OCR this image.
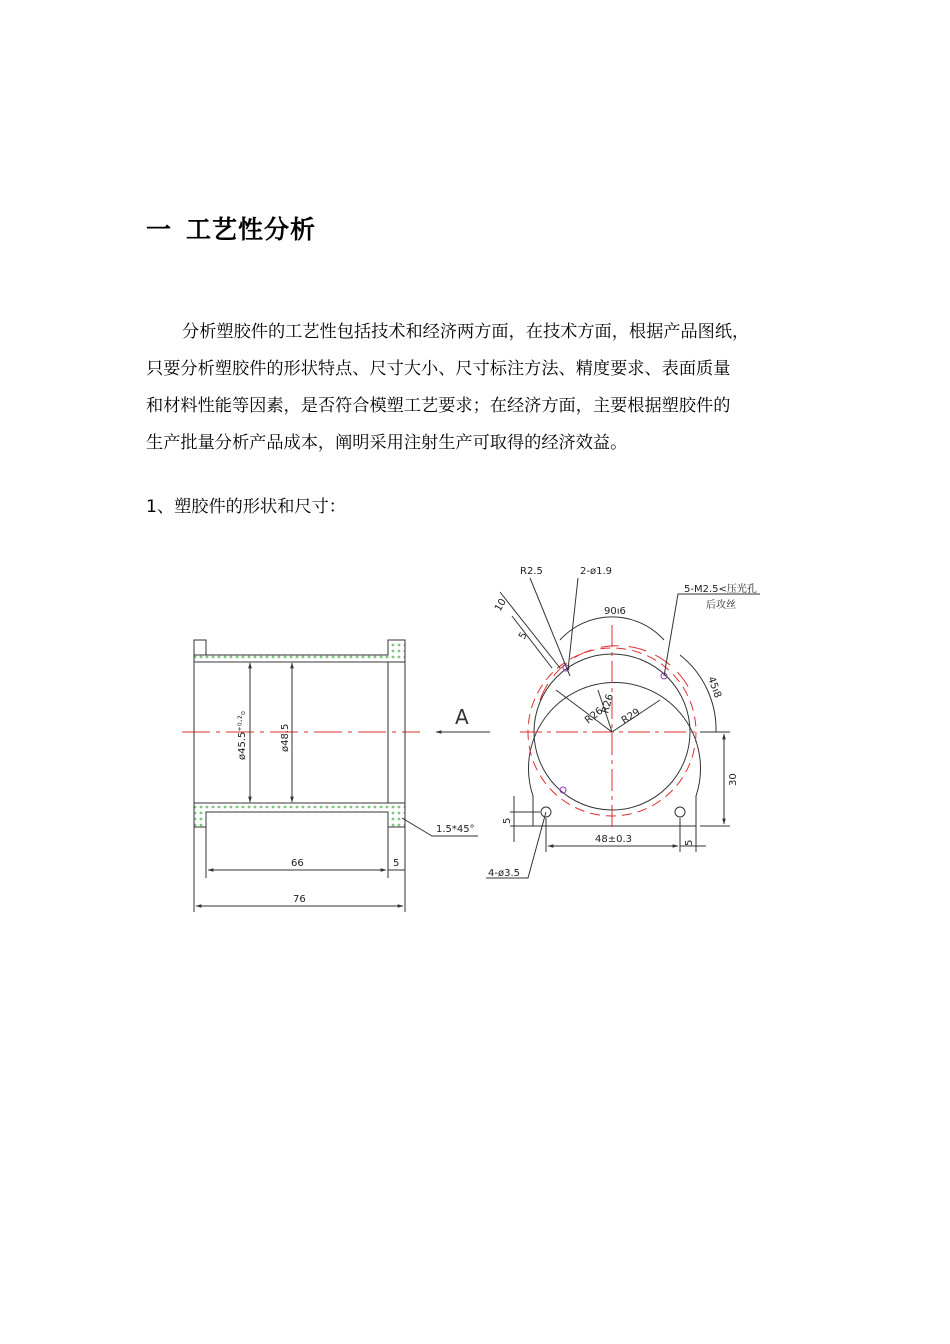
一 工艺性分析

分析塑胶件的工艺性包括技术和经济两方面，在技术方面，根据产品图纸，
只要分析塑胶件的形状特点、尺寸大小、尺寸标注方法、精度要求、表面质量
和材料性能等因素，是否符合模塑工艺要求；在经济方面，主要根据塑胶件的
生产批量分析产品成本，阐明采用注射生产可取得的经济效益。

1、塑胶件的形状和尺寸：
ø45.5⁺⁰·²₀	ø48.5
66	5
76
1.5*45°
A
R2.5	2-ø1.9
10
5
90ı6
5-M2.5<压光孔
后攻丝
45ı8
R26
R26
R29
30
5
48±0.3	5
4-ø3.5
